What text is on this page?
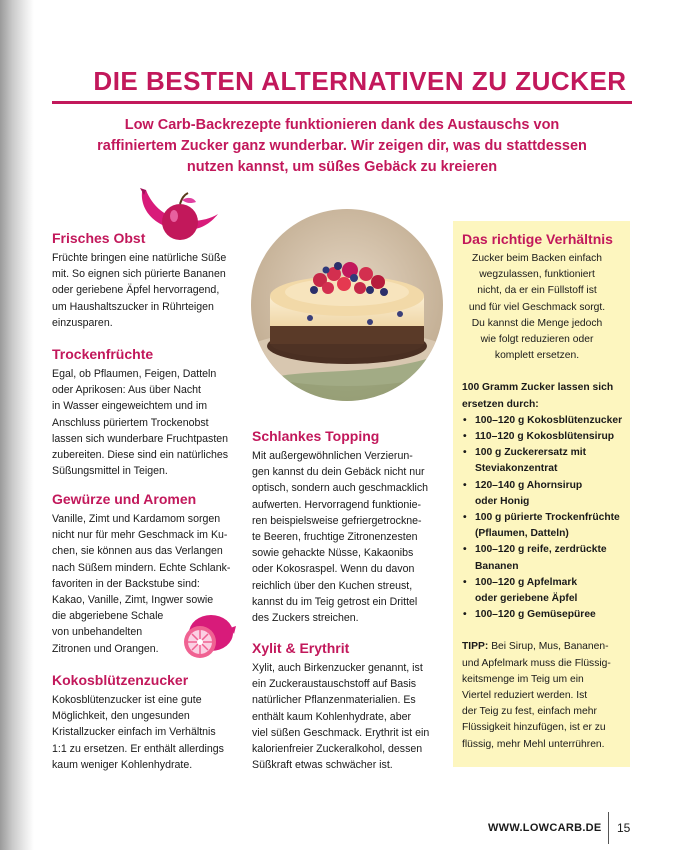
DIE BESTEN ALTERNATIVEN ZU ZUCKER

Low Carb-Backrezepte funktionieren dank des Austauschs von raffiniertem Zucker ganz wunderbar. Wir zeigen dir, was du stattdessen nutzen kannst, um süßes Gebäck zu kreieren

Frisches Obst

Früchte bringen eine natürliche Süße

mit. So eignen sich pürierte Bananen

oder geriebene Äpfel hervorragend,

um Haushaltszucker in Rührteigen

einzusparen.

Trockenfrüchte

Egal, ob Pflaumen, Feigen, Datteln

oder Aprikosen: Aus über Nacht

in Wasser eingeweichtem und im

Anschluss püriertem Trockenobst

lassen sich wunderbare Fruchtpasten

zubereiten. Diese sind ein natürliches

Süßungsmittel in Teigen.

Gewürze und Aromen

Vanille, Zimt und Kardamom sorgen

nicht nur für mehr Geschmack im Ku-

chen, sie können aus das Verlangen

nach Süßem mindern. Echte Schlank-

favoriten in der Backstube sind:

Kakao, Vanille, Zimt, Ingwer sowie

die abgeriebene Schale

von unbehandelten

Zitronen und Orangen.

Kokosblützenzucker

Kokosblütenzucker ist eine gute

Möglichkeit, den ungesunden

Kristallzucker einfach im Verhältnis

1:1 zu ersetzen. Er enthält allerdings

kaum weniger Kohlenhydrate.

Schlankes Topping

Mit außergewöhnlichen Verzierun-

gen kannst du dein Gebäck nicht nur

optisch, sondern auch geschmacklich

aufwerten. Hervorragend funktionie-

ren beispielsweise gefriergetrockne-

te Beeren, fruchtige Zitronenzesten

sowie gehackte Nüsse, Kakaonibs

oder Kokosraspel. Wenn du davon

reichlich über den Kuchen streust,

kannst du im Teig getrost ein Drittel

des Zuckers streichen.

Xylit & Erythrit

Xylit, auch Birkenzucker genannt, ist

ein Zuckeraustauschstoff auf Basis

natürlicher Pflanzenmaterialien. Es

enthält kaum Kohlenhydrate, aber

viel süßen Geschmack. Erythrit ist ein

kalorienfreier Zuckeralkohol, dessen

Süßkraft etwas schwächer ist.

Das richtige Verhältnis

Zucker beim Backen einfach

wegzulassen, funktioniert

nicht, da er ein Füllstoff ist

und für viel Geschmack sorgt.

Du kannst die Menge jedoch

wie folgt reduzieren oder

komplett ersetzen.

100 Gramm Zucker lassen sich

ersetzen durch:

• 100–120 g Kokosblütenzucker
• 110–120 g Kokosblütensirup
• 100 g Zuckerersatz mit
Steviakonzentrat
• 120–140 g Ahornsirup
oder Honig
• 100 g pürierte Trockenfrüchte
(Pflaumen, Datteln)
• 100–120 g reife, zerdrückte
Bananen
• 100–120 g Apfelmark
oder geriebene Äpfel
• 100–120 g Gemüsepüree

TIPP: Bei Sirup, Mus, Bananen-

und Apfelmark muss die Flüssig-

keitsmenge im Teig um ein

Viertel reduziert werden. Ist

der Teig zu fest, einfach mehr

Flüssigkeit hinzufügen, ist er zu

flüssig, mehr Mehl unterrühren.

WWW.LOWCARB.DE 15
